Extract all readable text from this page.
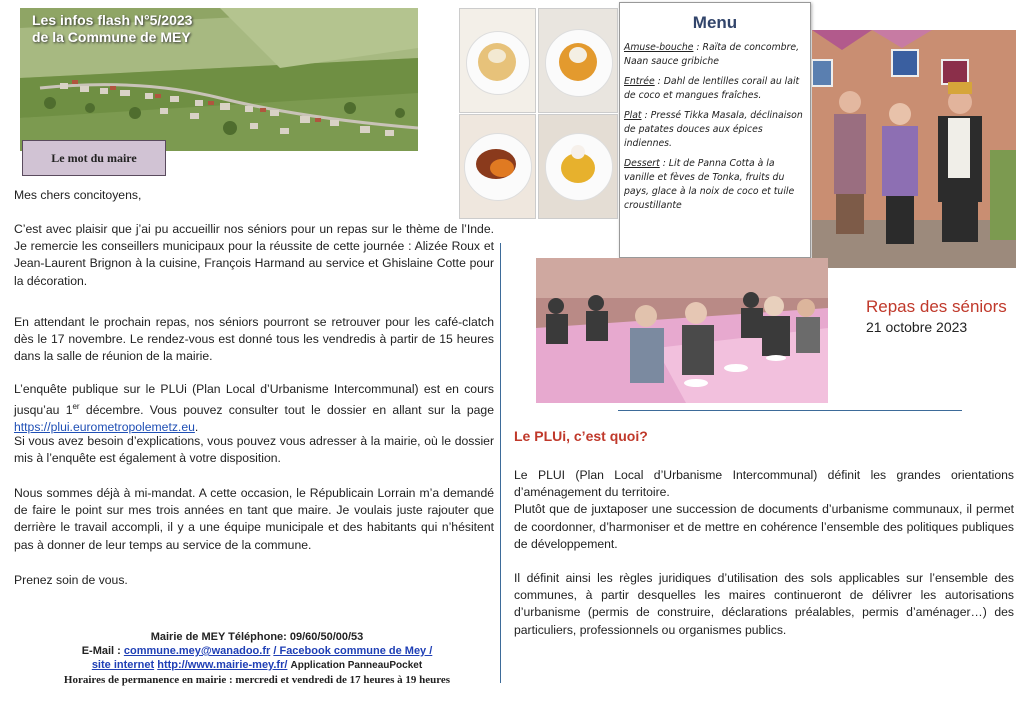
Les infos flash N°5/2023
de la Commune de MEY
Le mot du maire
Mes chers concitoyens,
C’est avec plaisir que j’ai pu accueillir nos séniors pour un repas sur le thème de l’Inde. Je remercie les conseillers municipaux pour la réussite de cette journée : Alizée Roux et Jean-Laurent Brignon à la cuisine, François Harmand au service et Ghislaine Cotte pour la décoration.
En attendant le prochain repas, nos séniors pourront se retrouver pour les café-clatch dès le 17 novembre. Le rendez-vous est donné tous les vendredis à partir de 15 heures dans la salle de réunion de la mairie.
L’enquête publique sur le PLUi (Plan Local d’Urbanisme Intercommunal) est en cours jusqu’au 1er décembre. Vous pouvez consulter tout le dossier en allant sur la page https://plui.eurometropolemetz.eu.
Si vous avez besoin d’explications, vous pouvez vous adresser à la mairie, où le dossier mis à l’enquête est également à votre disposition.
Nous sommes déjà à mi-mandat. A cette occasion, le Républicain Lorrain m’a demandé de faire le point sur mes trois années en tant que maire. Je voulais juste rajouter que derrière le travail accompli, il y a une équipe municipale et des habitants qui n’hésitent pas à donner de leur temps au service de la commune.
Prenez soin de vous.
Mairie de MEY Téléphone: 09/60/50/00/53
E-Mail : commune.mey@wanadoo.fr / Facebook commune de Mey /
site internet http://www.mairie-mey.fr/ Application PanneauPocket
Horaires de permanence en mairie : mercredi et vendredi de 17 heures à 19 heures
Menu
Amuse-bouche : Raïta de concombre, Naan sauce gribiche
Entrée : Dahl de lentilles corail au lait de coco et mangues fraîches.
Plat : Pressé Tikka Masala, déclinaison de patates douces aux épices indiennes.
Dessert : Lit de Panna Cotta à la vanille et fèves de Tonka, fruits du pays, glace à la noix de coco et tuile croustillante
Repas des séniors
21 octobre 2023
Le PLUi, c’est quoi?
Le PLUI (Plan Local d’Urbanisme Intercommunal) définit les grandes orientations d’aménagement du territoire.
Plutôt que de juxtaposer une succession de documents d’urbanisme communaux, il permet de coordonner, d’harmoniser et de mettre en cohérence l’ensemble des politiques publiques de développement.
Il définit ainsi les règles juridiques d’utilisation des sols applicables sur l’ensemble des communes, à partir desquelles les maires continueront de délivrer les autorisations d’urbanisme (permis de construire, déclarations préalables, permis d’aménager…) des particuliers, professionnels ou organismes publics.
